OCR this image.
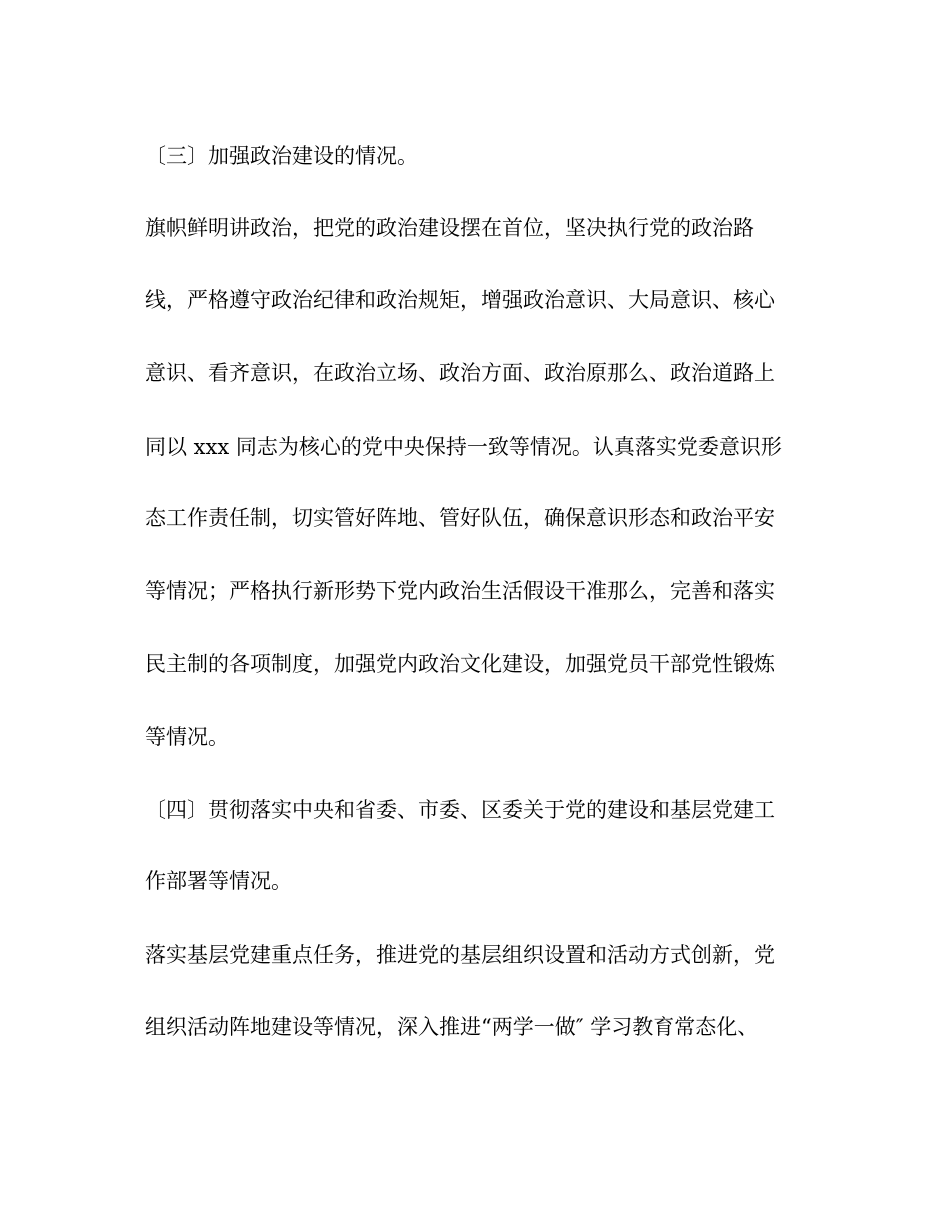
〔三〕加强政治建设的情况。

旗帜鲜明讲政治，把党的政治建设摆在首位，坚决执行党的政治路

线，严格遵守政治纪律和政治规矩，增强政治意识、大局意识、核心

意识、看齐意识，在政治立场、政治方面、政治原那么、政治道路上

同以 xxx 同志为核心的党中央保持一致等情况。认真落实党委意识形

态工作责任制，切实管好阵地、管好队伍，确保意识形态和政治平安

等情况；严格执行新形势下党内政治生活假设干准那么，完善和落实

民主制的各项制度，加强党内政治文化建设，加强党员干部党性锻炼

等情况。

〔四〕贯彻落实中央和省委、市委、区委关于党的建设和基层党建工

作部署等情况。

落实基层党建重点任务，推进党的基层组织设置和活动方式创新，党

组织活动阵地建设等情况，深入推进“两学一做″ 学习教育常态化、
